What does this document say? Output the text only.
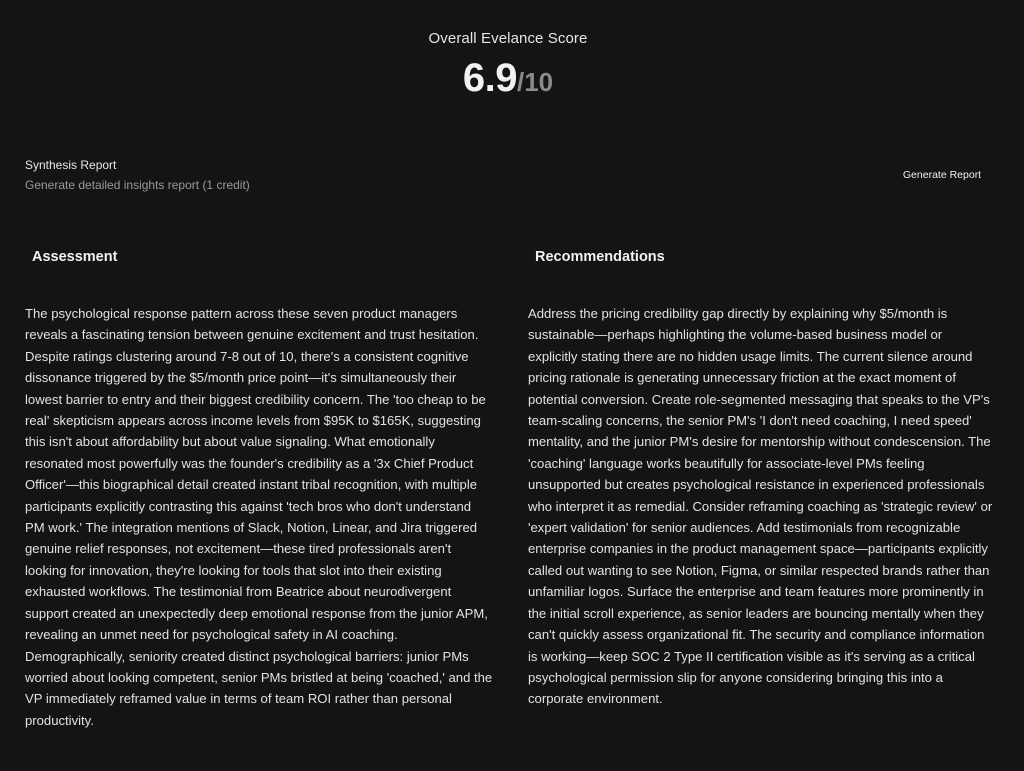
Overall Evelance Score
6.9/10
Synthesis Report
Generate detailed insights report (1 credit)
Generate Report
Assessment	Recommendations

The psychological response pattern across these seven product managers reveals a fascinating tension between genuine excitement and trust hesitation. Despite ratings clustering around 7-8 out of 10, there's a consistent cognitive dissonance triggered by the $5/month price point—it's simultaneously their lowest barrier to entry and their biggest credibility concern. The 'too cheap to be real' skepticism appears across income levels from $95K to $165K, suggesting this isn't about affordability but about value signaling. What emotionally resonated most powerfully was the founder's credibility as a '3x Chief Product Officer'—this biographical detail created instant tribal recognition, with multiple participants explicitly contrasting this against 'tech bros who don't understand PM work.' The integration mentions of Slack, Notion, Linear, and Jira triggered genuine relief responses, not excitement—these tired professionals aren't looking for innovation, they're looking for tools that slot into their existing exhausted workflows. The testimonial from Beatrice about neurodivergent support created an unexpectedly deep emotional response from the junior APM, revealing an unmet need for psychological safety in AI coaching. Demographically, seniority created distinct psychological barriers: junior PMs worried about looking competent, senior PMs bristled at being 'coached,' and the VP immediately reframed value in terms of team ROI rather than personal productivity.

Address the pricing credibility gap directly by explaining why $5/month is sustainable—perhaps highlighting the volume-based business model or explicitly stating there are no hidden usage limits. The current silence around pricing rationale is generating unnecessary friction at the exact moment of potential conversion. Create role-segmented messaging that speaks to the VP's team-scaling concerns, the senior PM's 'I don't need coaching, I need speed' mentality, and the junior PM's desire for mentorship without condescension. The 'coaching' language works beautifully for associate-level PMs feeling unsupported but creates psychological resistance in experienced professionals who interpret it as remedial. Consider reframing coaching as 'strategic review' or 'expert validation' for senior audiences. Add testimonials from recognizable enterprise companies in the product management space—participants explicitly called out wanting to see Notion, Figma, or similar respected brands rather than unfamiliar logos. Surface the enterprise and team features more prominently in the initial scroll experience, as senior leaders are bouncing mentally when they can't quickly assess organizational fit. The security and compliance information is working—keep SOC 2 Type II certification visible as it's serving as a critical psychological permission slip for anyone considering bringing this into a corporate environment.
